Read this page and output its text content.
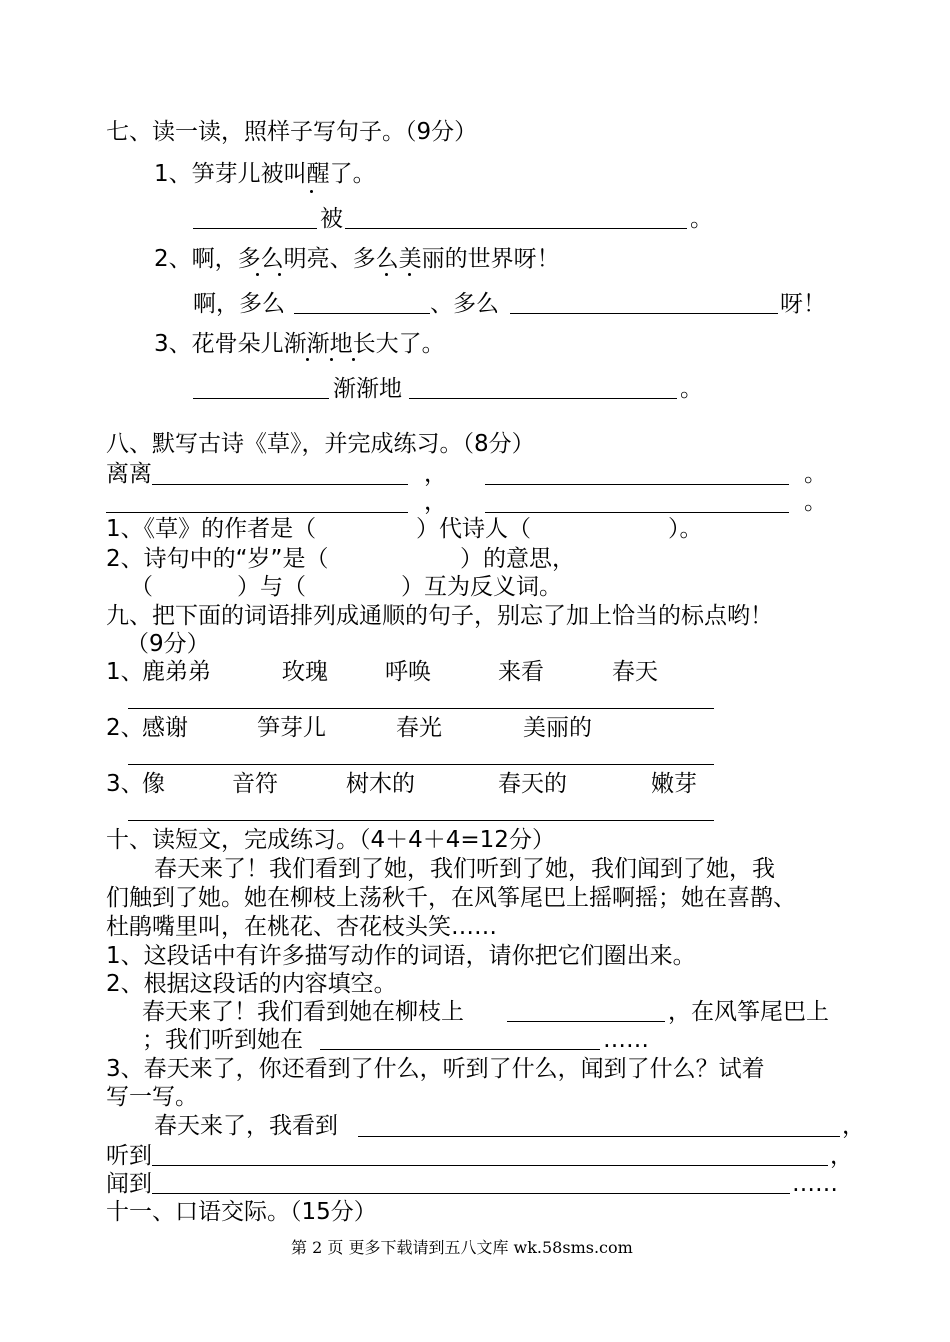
七、读一读，照样子写句子。（9分）
1、笋芽儿被叫醒了。
被	。
2、啊，多么明亮、多么美丽的世界呀！
啊，多么	、多么	呀！
3、花骨朵儿渐渐地长大了。
渐渐地	。
八、默写古诗《草》，并完成练习。（8分）
离离	，	。
，	。
1、《草》的作者是（	）代诗人（	）。
2、诗句中的“岁”是（	）的意思，
（	）与（	）互为反义词。
九、把下面的词语排列成通顺的句子，别忘了加上恰当的标点哟！
（9分）
1、
鹿弟弟	玫瑰 呼唤	来看	春天
2、
感谢	笋芽儿	春光	美丽的
3、
像	音符	树木的	春天的	嫩芽
十、读短文，完成练习。（4＋4＋4=12分）
春天来了！我们看到了她，我们听到了她，我们闻到了她，我
们触到了她。她在柳枝上荡秋千，在风筝尾巴上摇啊摇；她在喜鹊、
杜鹃嘴里叫，在桃花、杏花枝头笑……
1、这段话中有许多描写动作的词语，请你把它们圈出来。
2、根据这段话的内容填空。
春天来了！我们看到她在柳枝上	，在风筝尾巴上
；我们听到她在	……
3、春天来了，你还看到了什么，听到了什么，闻到了什么？试着
写一写。
春天来了，我看到	，
听到	，
闻到	……
十一、口语交际。（15分）
第 2 页 更多下载请到五八文库 wk.58sms.com
